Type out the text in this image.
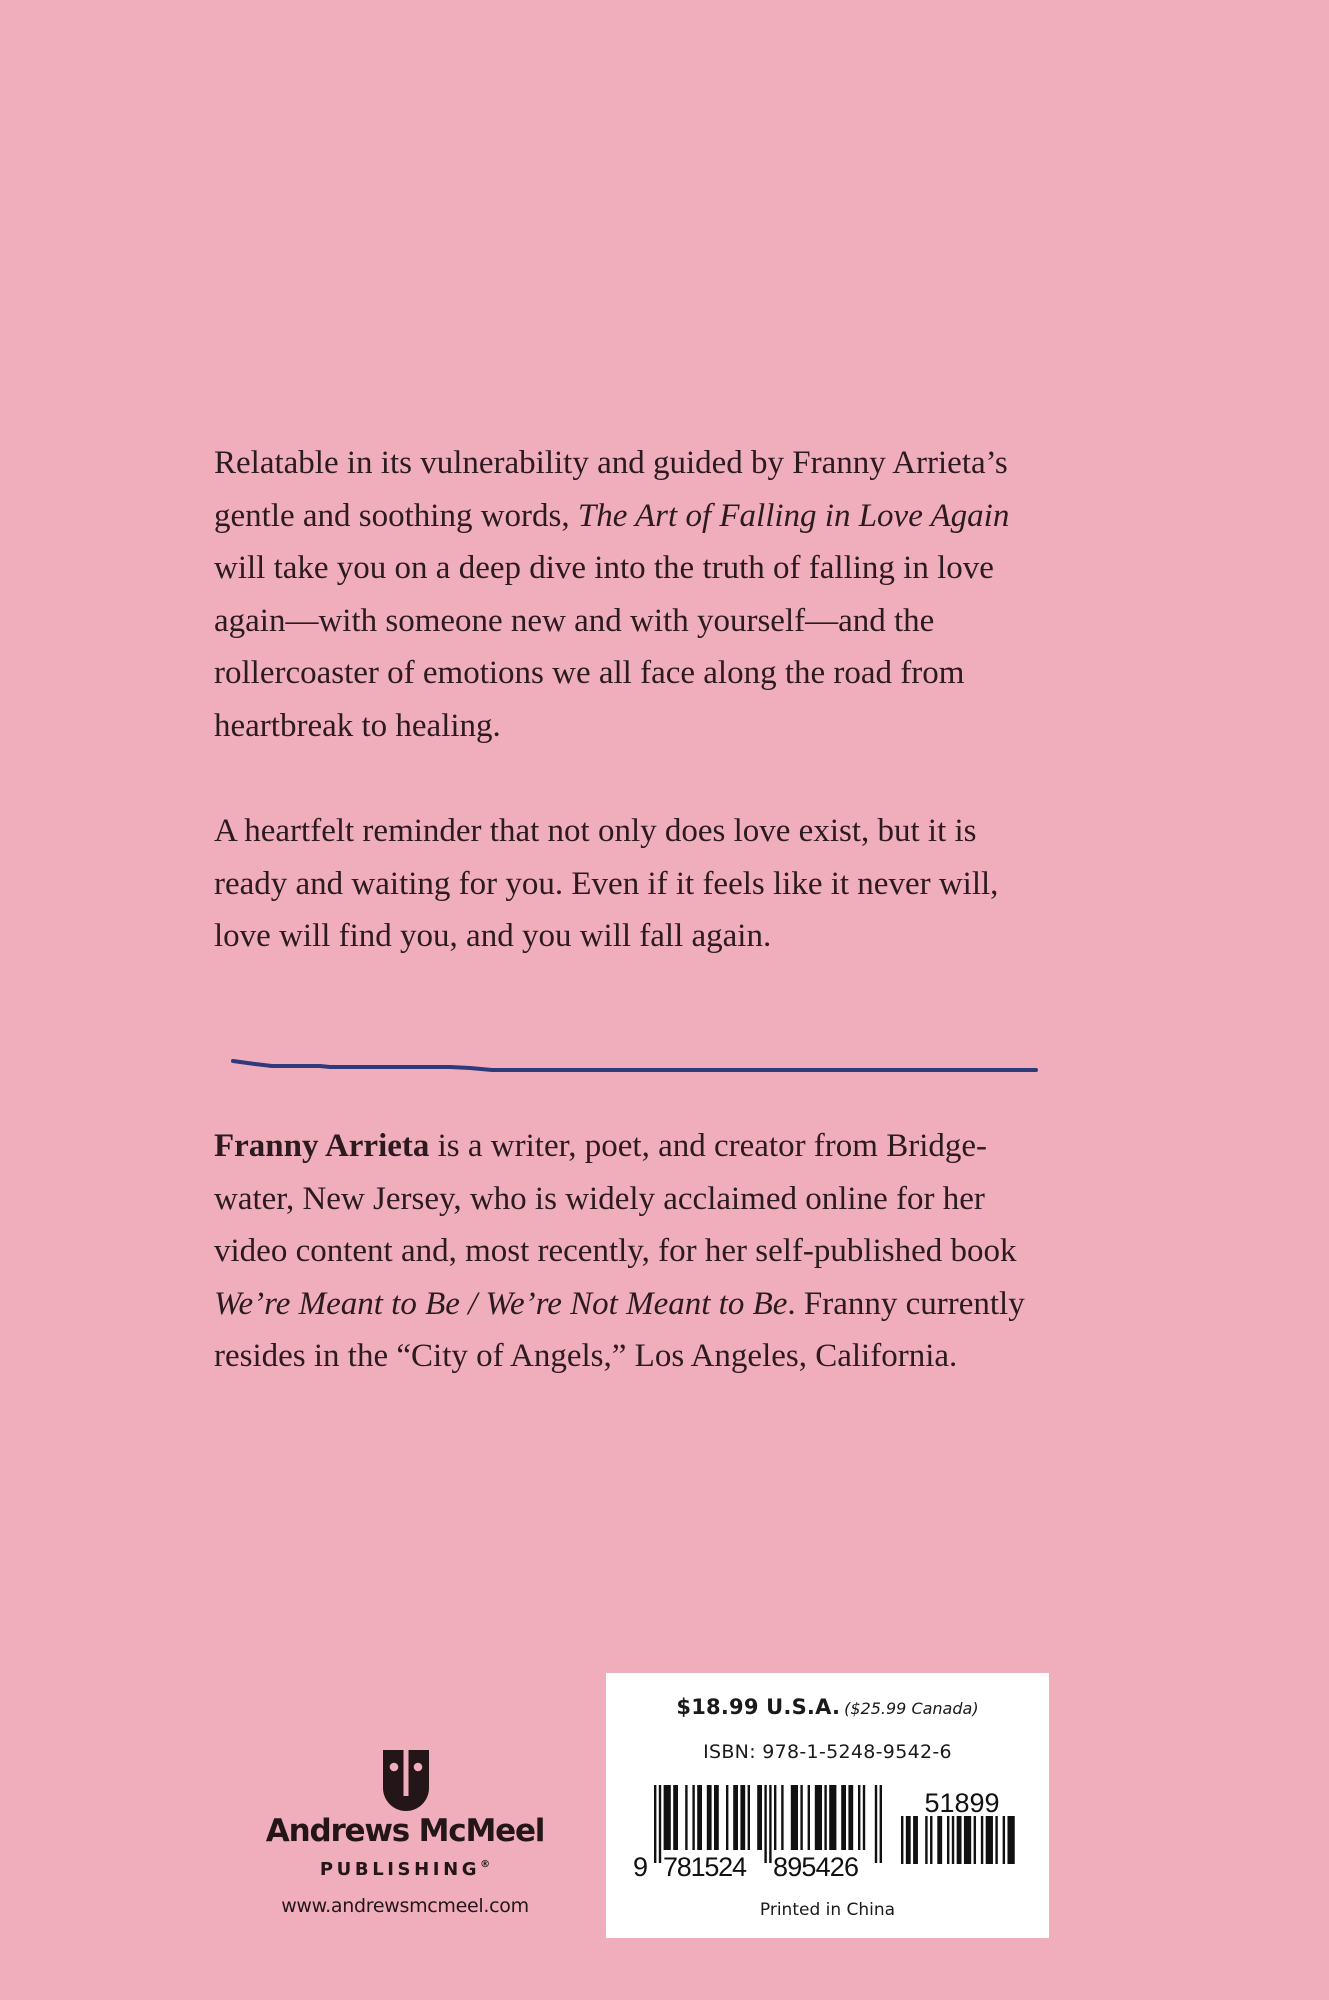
Relatable in its vulnerability and guided by Franny Arrieta’s
gentle and soothing words, The Art of Falling in Love Again
will take you on a deep dive into the truth of falling in love
again—with someone new and with yourself—and the
rollercoaster of emotions we all face along the road from
heartbreak to healing.
A heartfelt reminder that not only does love exist, but it is
ready and waiting for you. Even if it feels like it never will,
love will find you, and you will fall again.
Franny Arrieta is a writer, poet, and creator from Bridge-
water, New Jersey, who is widely acclaimed online for her
video content and, most recently, for her self-published book
We’re Meant to Be / We’re Not Meant to Be. Franny currently
resides in the “City of Angels,” Los Angeles, California.
Andrews McMeel
PUBLISHING®
www.andrewsmcmeel.com
$18.99 U.S.A. ($25.99 Canada)
ISBN: 978-1-5248-9542-6
9 781524 895426
51899
Printed in China
